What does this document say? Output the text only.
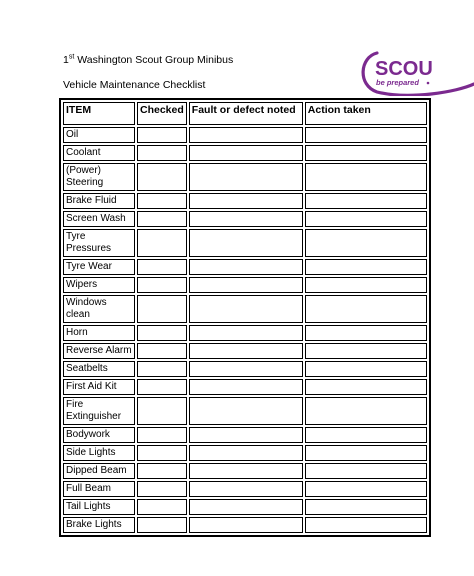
1st Washington Scout Group Minibus
Vehicle Maintenance Checklist
SCOU
be prepared
ITEM	Checked	Fault or defect noted	Action taken
Oil			
Coolant			
(Power) Steering			
Brake Fluid			
Screen Wash			
Tyre Pressures			
Tyre Wear			
Wipers			
Windows clean			
Horn			
Reverse Alarm			
Seatbelts			
First Aid Kit			
Fire Extinguisher			
Bodywork			
Side Lights			
Dipped Beam			
Full Beam			
Tail Lights			
Brake Lights			
